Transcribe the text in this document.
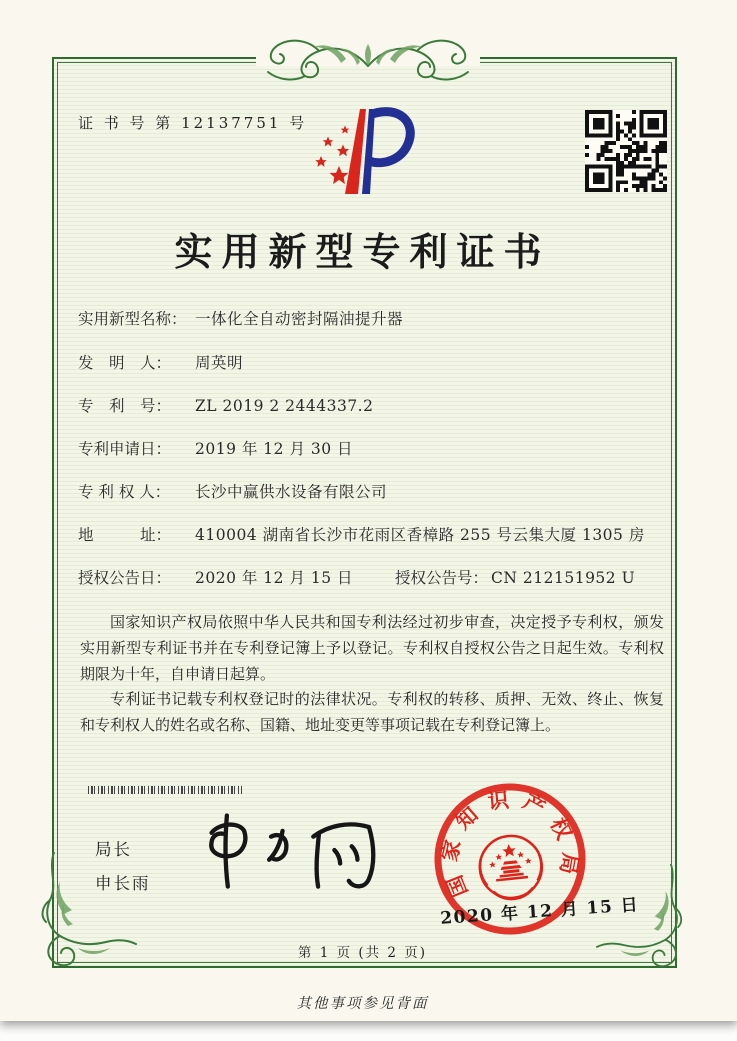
证 书 号 第 12137751 号
实用新型专利证书
实用新型名称： 一体化全自动密封隔油提升器
发　明　人： 周英明
专　利　号： ZL 2019 2 2444337.2
专利申请日： 2019 年 12 月 30 日
专 利 权 人： 长沙中赢供水设备有限公司
地　　　址： 410004 湖南省长沙市花雨区香樟路 255 号云集大厦 1305 房
授权公告日： 2020 年 12 月 15 日	授权公告号： CN 212151952 U

国家知识产权局依照中华人民共和国专利法经过初步审查，决定授予专利权，颁发实用新型专利证书并在专利登记簿上予以登记。专利权自授权公告之日起生效。专利权期限为十年，自申请日起算。

专利证书记载专利权登记时的法律状况。专利权的转移、质押、无效、终止、恢复和专利权人的姓名或名称、国籍、地址变更等事项记载在专利登记簿上。

局长
申长雨	国家知识产权局
2020 年 12 月 15 日
第 1 页 (共 2 页)
其他事项参见背面
